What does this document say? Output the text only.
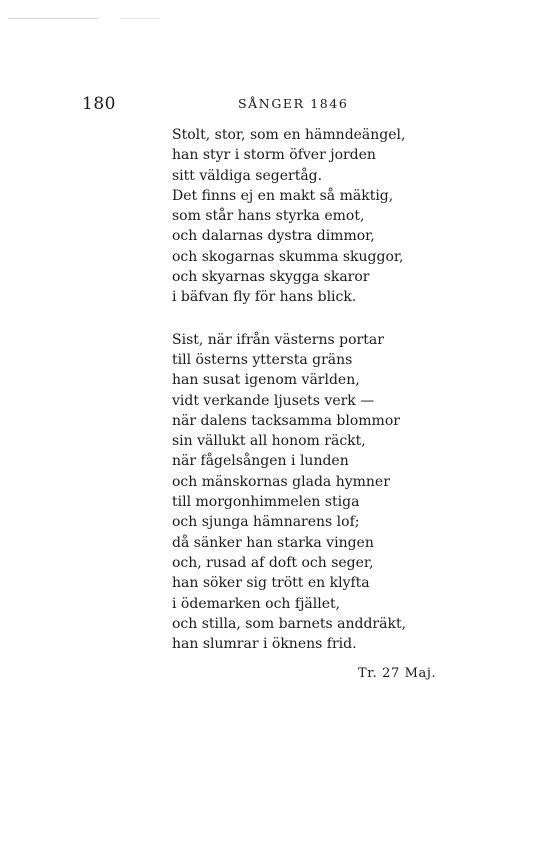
180	SÅNGER 1846
Stolt, stor, som en hämndeängel,
han styr i storm öfver jorden
sitt väldiga segertåg.
Det finns ej en makt så mäktig,
som står hans styrka emot,
och dalarnas dystra dimmor,
och skogarnas skumma skuggor,
och skyarnas skygga skaror
i bäfvan fly för hans blick.
Sist, när ifrån västerns portar
till österns yttersta gräns
han susat igenom världen,
vidt verkande ljusets verk —
när dalens tacksamma blommor
sin vällukt all honom räckt,
när fågelsången i lunden
och mänskornas glada hymner
till morgonhimmelen stiga
och sjunga hämnarens lof;
då sänker han starka vingen
och, rusad af doft och seger,
han söker sig trött en klyfta
i ödemarken och fjället,
och stilla, som barnets anddräkt,
han slumrar i öknens frid.
Tr. 27 Maj.
